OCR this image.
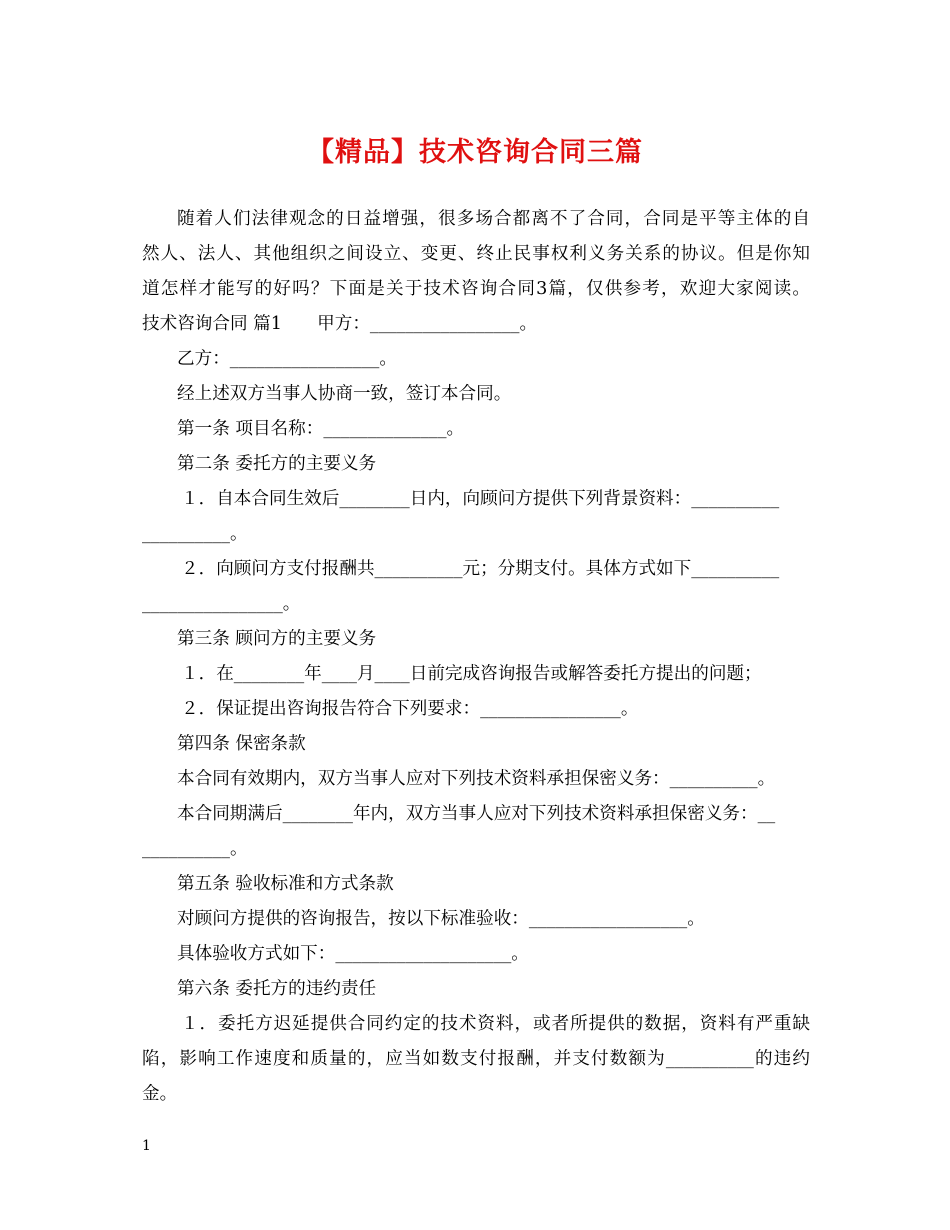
【精品】技术咨询合同三篇
随着人们法律观念的日益增强，很多场合都离不了合同，合同是平等主体的自
然人、法人、其他组织之间设立、变更、终止民事权利义务关系的协议。但是你知
道怎样才能写的好吗？下面是关于技术咨询合同3篇，仅供参考，欢迎大家阅读。
技术咨询合同 篇1　　甲方：_________________。
乙方：_________________。
经上述双方当事人协商一致，签订本合同。
第一条 项目名称：______________。
第二条 委托方的主要义务
１．自本合同生效后________日内，向顾问方提供下列背景资料：__________
__________。
２．向顾问方支付报酬共__________元；分期支付。具体方式如下__________
________________。
第三条 顾问方的主要义务
１．在________年____月____日前完成咨询报告或解答委托方提出的问题；
２．保证提出咨询报告符合下列要求：________________。
第四条 保密条款
本合同有效期内，双方当事人应对下列技术资料承担保密义务：__________。
本合同期满后________年内，双方当事人应对下列技术资料承担保密义务：__
__________。
第五条 验收标准和方式条款
对顾问方提供的咨询报告，按以下标准验收：__________________。
具体验收方式如下：____________________。
第六条 委托方的违约责任
１．委托方迟延提供合同约定的技术资料，或者所提供的数据，资料有严重缺
陷，影响工作速度和质量的，应当如数支付报酬，并支付数额为__________的违约
金。
1
